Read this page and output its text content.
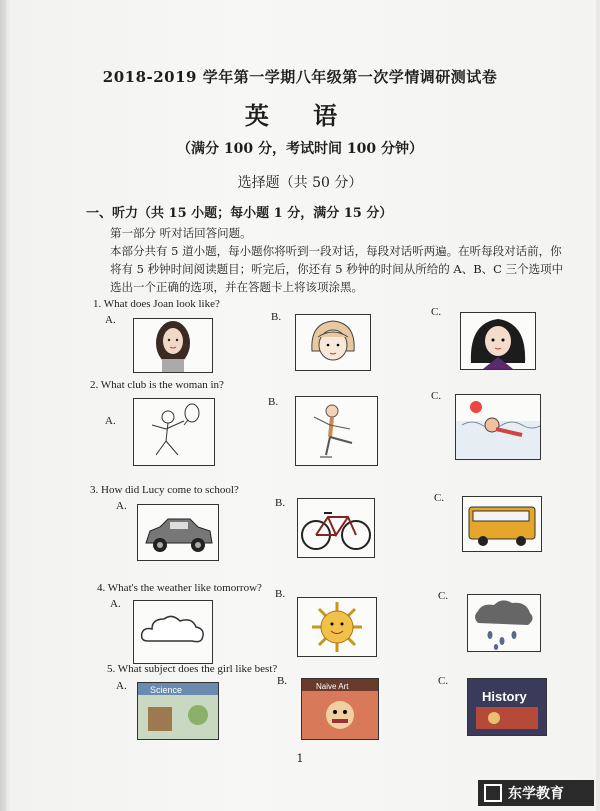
2018-2019 学年第一学期八年级第一次学情调研测试卷
英 语
（满分 100 分，考试时间 100 分钟）
选择题（共 50 分）
一、听力（共 15 小题；每小题 1 分，满分 15 分）
第一部分 听对话回答问题。
本部分共有 5 道小题，每小题你将听到一段对话，每段对话听两遍。在听每段对话前，你将有 5 秒钟时间阅读题目；听完后，你还有 5 秒钟的时间从所给的 A、B、C 三个选项中选出一个正确的选项，并在答题卡上将该项涂黑。
1. What does Joan look like?
A.	B.	C.
2. What club is the woman in?
A.
B.	C.
3. How did Lucy come to school?
A.	B.	C.
4. What's the weather like tomorrow?
A.
B.	C.
5. What subject does the girl like best?
A.	Science
B.	Naive Art	C.
History
1
东学教育
